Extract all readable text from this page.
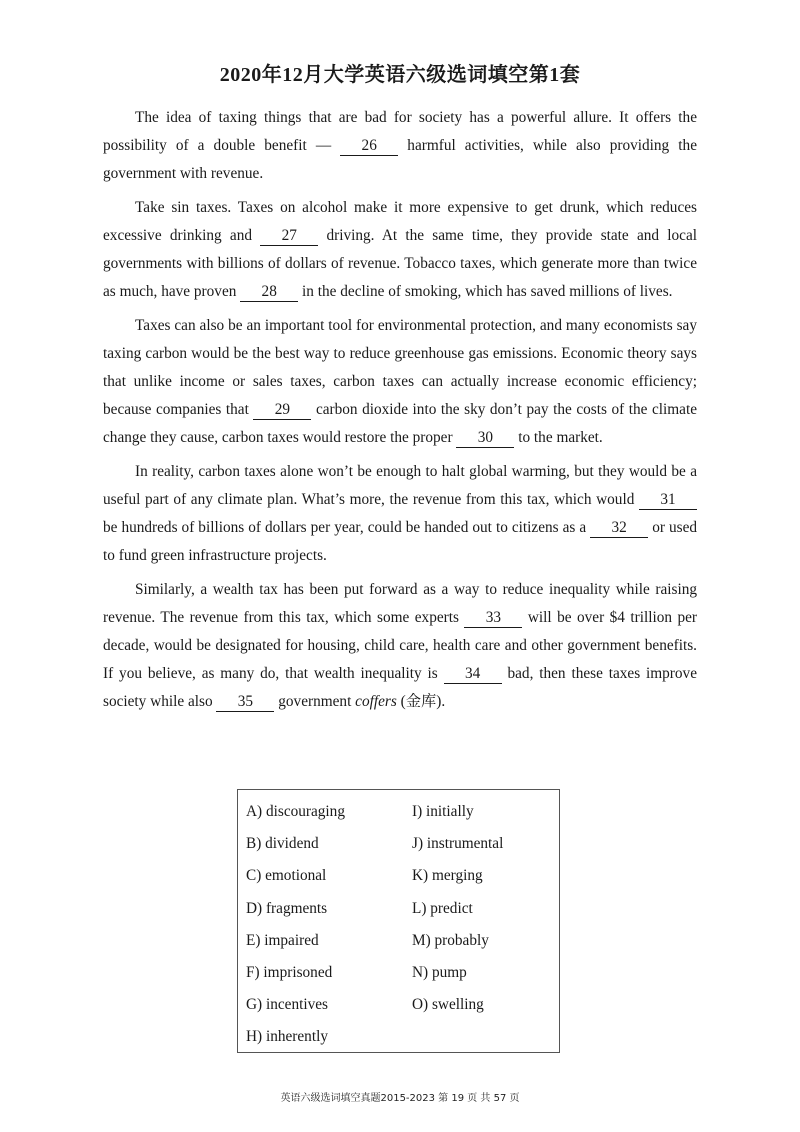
2020年12月大学英语六级选词填空第1套

The idea of taxing things that are bad for society has a powerful allure. It offers the possibility of a double benefit — 26 harmful activities, while also providing the government with revenue.

Take sin taxes. Taxes on alcohol make it more expensive to get drunk, which reduces excessive drinking and 27 driving. At the same time, they provide state and local governments with billions of dollars of revenue. Tobacco taxes, which generate more than twice as much, have proven 28 in the decline of smoking, which has saved millions of lives.

Taxes can also be an important tool for environmental protection, and many economists say taxing carbon would be the best way to reduce greenhouse gas emissions. Economic theory says that unlike income or sales taxes, carbon taxes can actually increase economic efficiency; because companies that 29 carbon dioxide into the sky don’t pay the costs of the climate change they cause, carbon taxes would restore the proper 30 to the market.

In reality, carbon taxes alone won’t be enough to halt global warming, but they would be a useful part of any climate plan. What’s more, the revenue from this tax, which would 31 be hundreds of billions of dollars per year, could be handed out to citizens as a 32 or used to fund green infrastructure projects.

Similarly, a wealth tax has been put forward as a way to reduce inequality while raising revenue. The revenue from this tax, which some experts 33 will be over $4 trillion per decade, would be designated for housing, child care, health care and other government benefits. If you believe, as many do, that wealth inequality is 34 bad, then these taxes improve society while also 35 government coffers (金库).

A) discouraging
B) dividend
C) emotional
D) fragments
E) impaired
F) imprisoned
G) incentives
H) inherently
I) initially
J) instrumental
K) merging
L) predict
M) probably
N) pump
O) swelling
英语六级选词填空真题2015-2023 第 19 页 共 57 页
